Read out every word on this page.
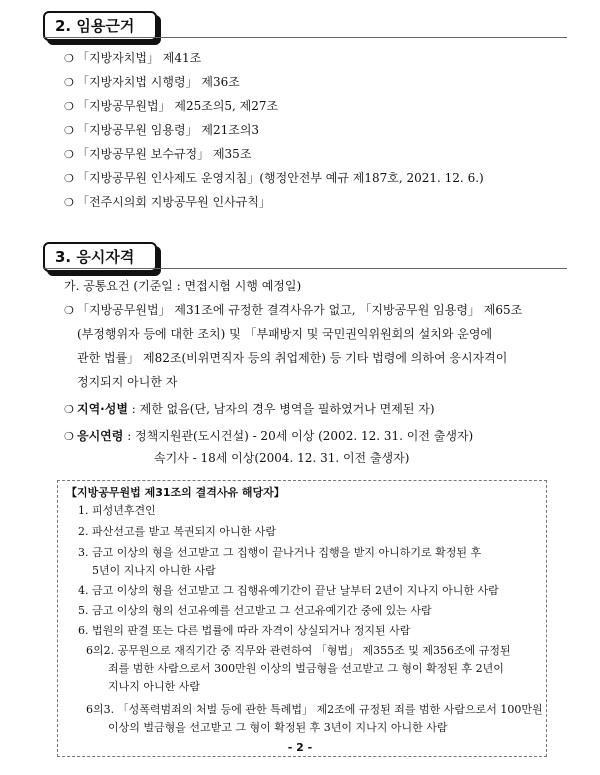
2. 임용근거
❍ 「지방자치법」 제41조
❍ 「지방자치법 시행령」 제36조
❍ 「지방공무원법」 제25조의5, 제27조
❍ 「지방공무원 임용령」 제21조의3
❍ 「지방공무원 보수규정」 제35조
❍ 「지방공무원 인사제도 운영지침」(행정안전부 예규 제187호, 2021. 12. 6.)
❍ 「전주시의회 지방공무원 인사규칙」
3. 응시자격
가. 공통요건 (기준일 : 면접시험 시행 예정일)
❍ 「지방공무원법」 제31조에 규정한 결격사유가 없고, 「지방공무원 임용령」 제65조
(부정행위자 등에 대한 조치) 및 「부패방지 및 국민권익위원회의 설치와 운영에
관한 법률」 제82조(비위면직자 등의 취업제한) 등 기타 법령에 의하여 응시자격이
정지되지 아니한 자
❍ 지역·성별 : 제한 없음(단, 남자의 경우 병역을 필하였거나 면제된 자)
❍ 응시연령 : 정책지원관(도시건설) - 20세 이상 (2002. 12. 31. 이전 출생자)
속기사 - 18세 이상(2004. 12. 31. 이전 출생자)
【지방공무원법 제31조의 결격사유 해당자】
1. 피성년후견인
2. 파산선고를 받고 복권되지 아니한 사람
3. 금고 이상의 형을 선고받고 그 집행이 끝나거나 집행을 받지 아니하기로 확정된 후
5년이 지나지 아니한 사람
4. 금고 이상의 형을 선고받고 그 집행유예기간이 끝난 날부터 2년이 지나지 아니한 사람
5. 금고 이상의 형의 선고유예를 선고받고 그 선고유예기간 중에 있는 사람
6. 법원의 판결 또는 다른 법률에 따라 자격이 상실되거나 정지된 사람
6의2. 공무원으로 재직기간 중 직무와 관련하여 「형법」 제355조 및 제356조에 규정된
죄를 범한 사람으로서 300만원 이상의 벌금형을 선고받고 그 형이 확정된 후 2년이
지나지 아니한 사람
6의3. 「성폭력범죄의 처벌 등에 관한 특례법」 제2조에 규정된 죄를 범한 사람으로서 100만원
이상의 벌금형을 선고받고 그 형이 확정된 후 3년이 지나지 아니한 사람
- 2 -
